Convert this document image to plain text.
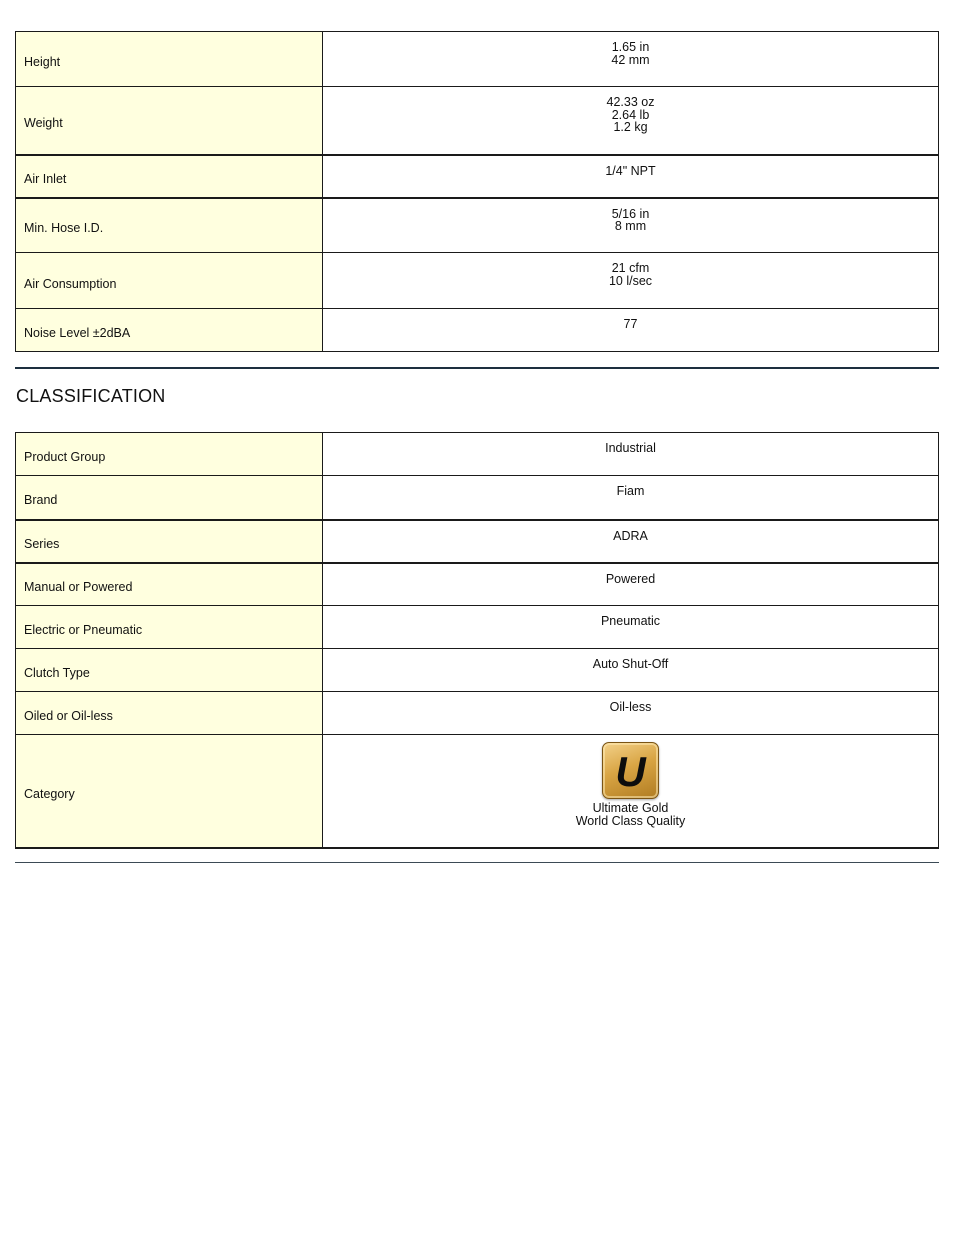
Height	1.65 in
42 mm

Weight	42.33 oz
2.64 lb
1.2 kg

Air Inlet	1/4" NPT

Min. Hose I.D.	5/16 in
8 mm

Air Consumption	21 cfm
10 l/sec

Noise Level ±2dBA	77
CLASSIFICATION
Product Group	Industrial
Brand	Fiam
Series	ADRA
Manual or Powered	Powered
Electric or Pneumatic	Pneumatic
Clutch Type	Auto Shut-Off
Oiled or Oil-less	Oil-less
Category	U
Ultimate Gold
World Class Quality
